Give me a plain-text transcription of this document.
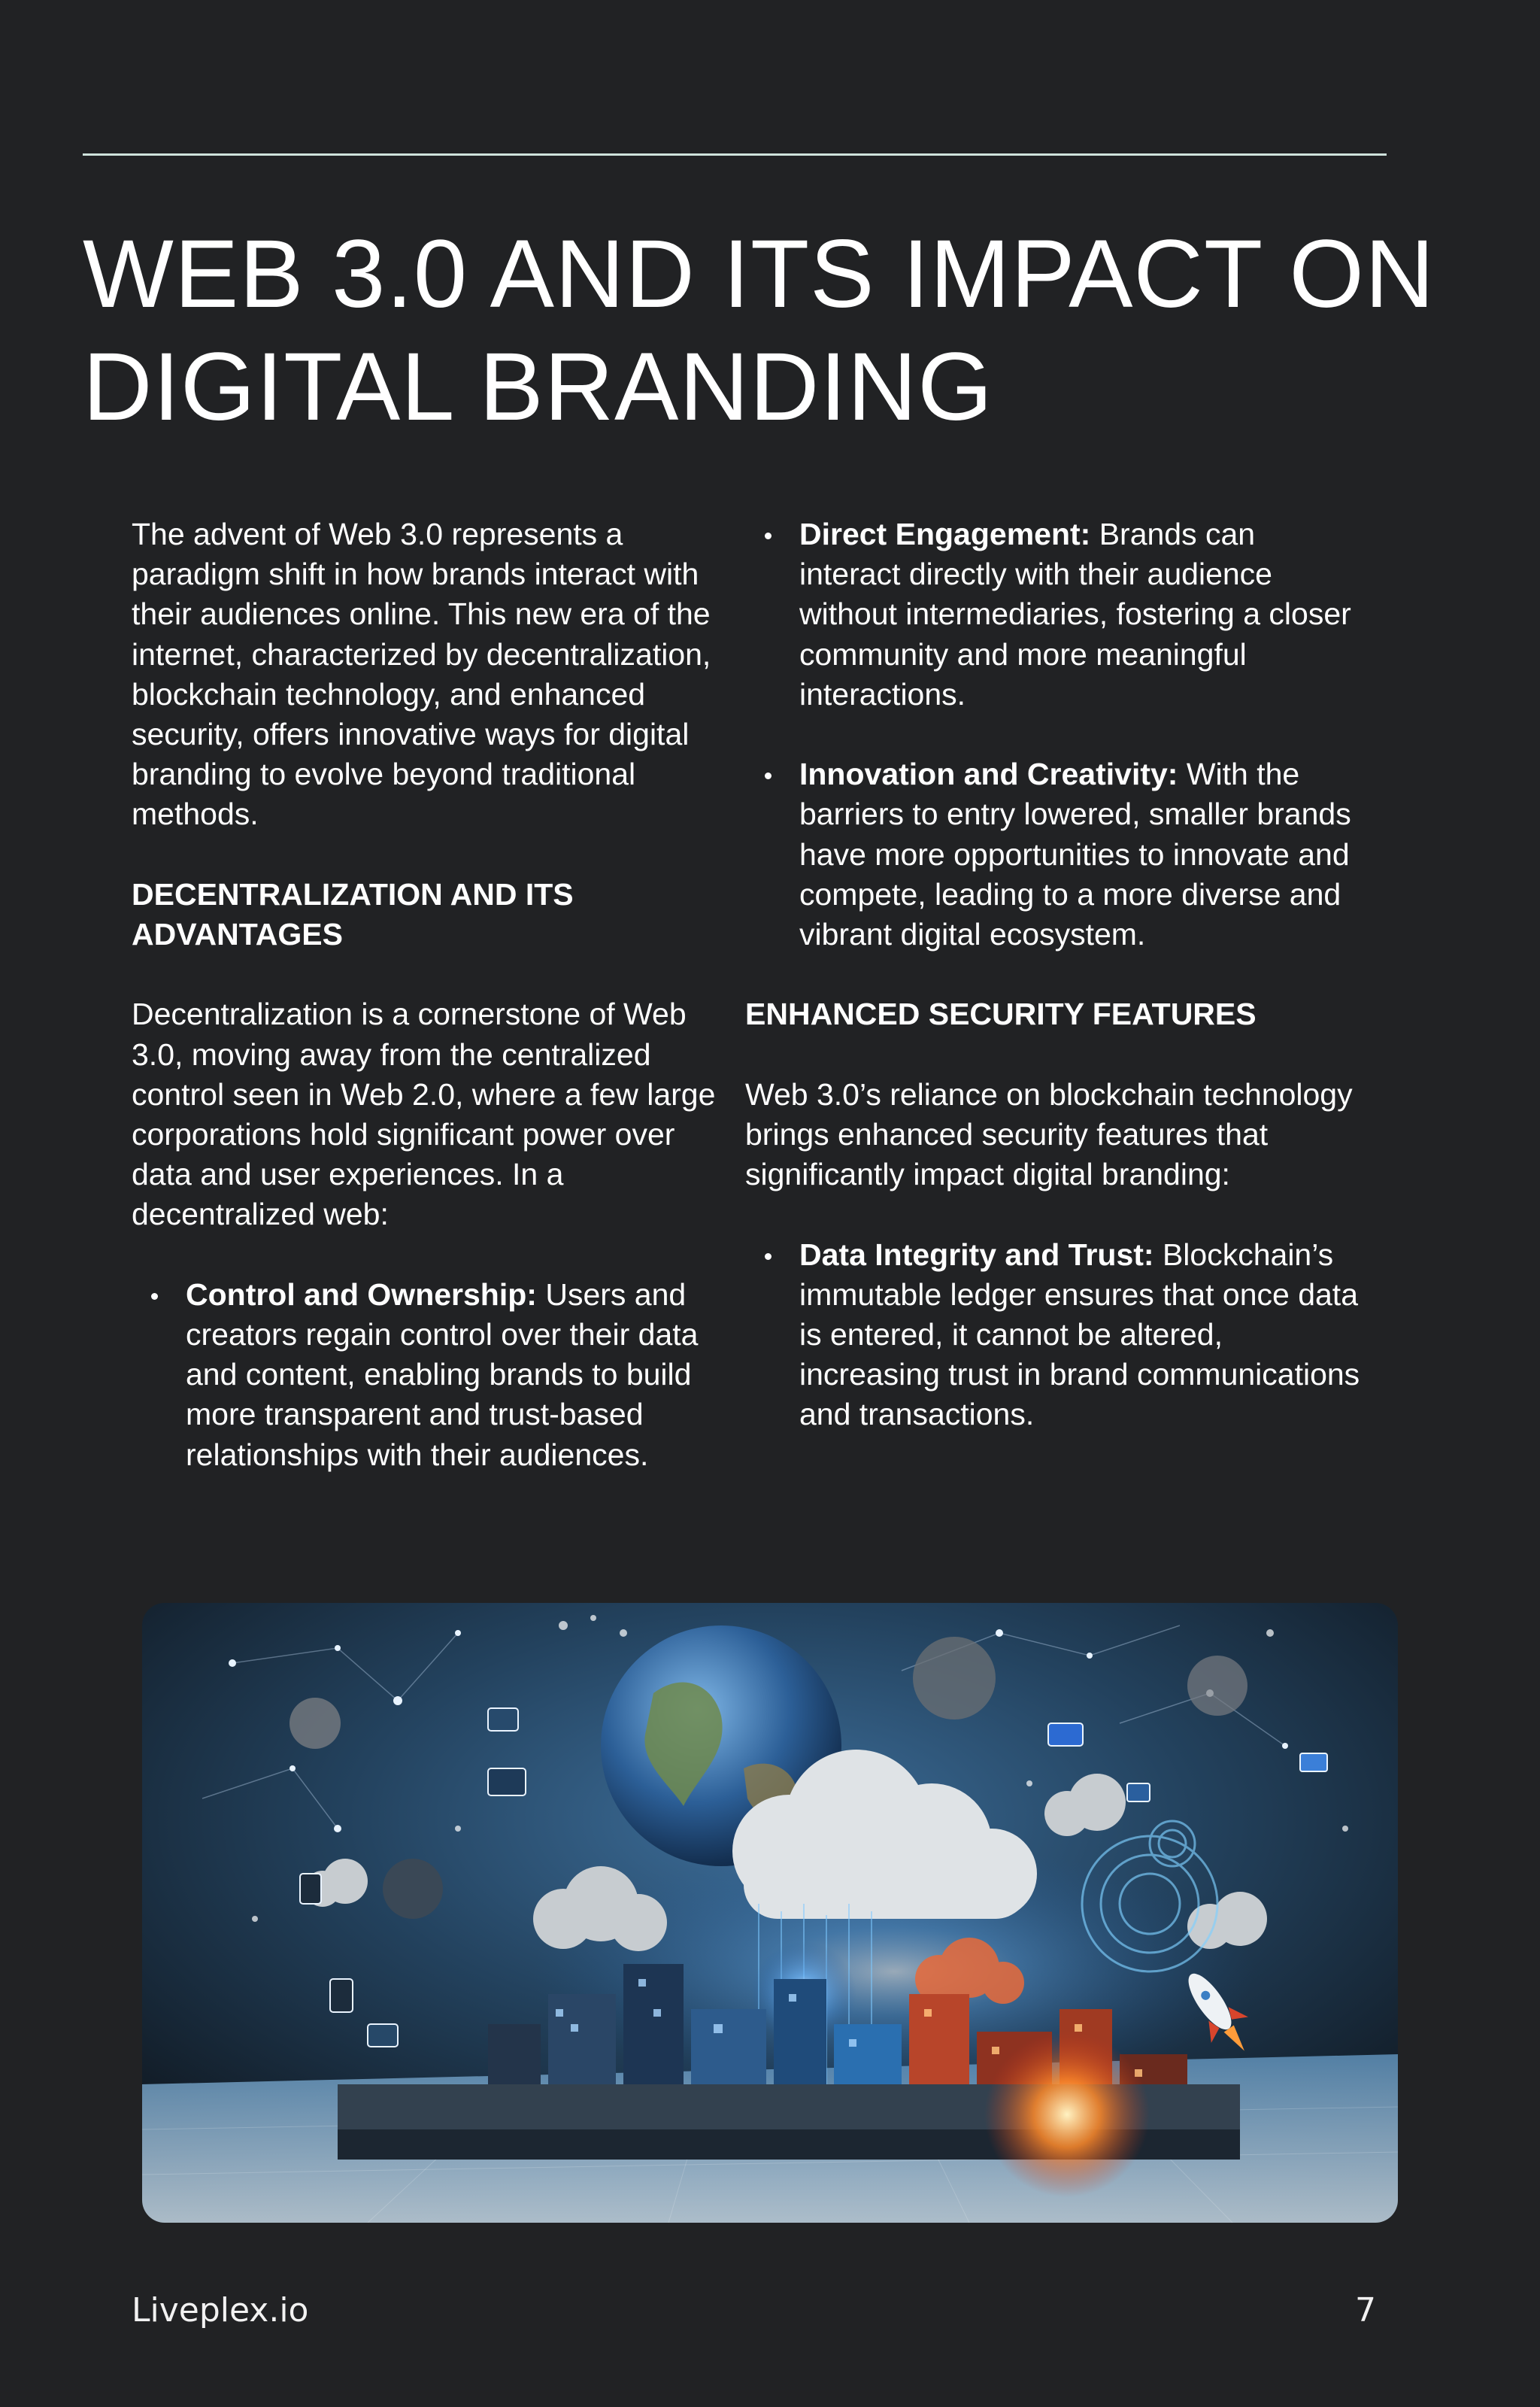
WEB 3.0 AND ITS IMPACT ON DIGITAL BRANDING

The advent of Web 3.0 represents a paradigm shift in how brands interact with their audiences online. This new era of the internet, characterized by decentralization, blockchain technology, and enhanced security, offers innovative ways for digital branding to evolve beyond traditional methods.

DECENTRALIZATION AND ITS ADVANTAGES

Decentralization is a cornerstone of Web 3.0, moving away from the centralized control seen in Web 2.0, where a few large corporations hold significant power over data and user experiences. In a decentralized web:

Control and Ownership: Users and creators regain control over their data and content, enabling brands to build more transparent and trust-based relationships with their audiences.
Direct Engagement: Brands can interact directly with their audience without intermediaries, fostering a closer community and more meaningful interactions.
Innovation and Creativity: With the barriers to entry lowered, smaller brands have more opportunities to innovate and compete, leading to a more diverse and vibrant digital ecosystem.
ENHANCED SECURITY FEATURES

Web 3.0’s reliance on blockchain technology brings enhanced security features that significantly impact digital branding:

Data Integrity and Trust: Blockchain’s immutable ledger ensures that once data is entered, it cannot be altered, increasing trust in brand communications and transactions.
Liveplex.io	7
